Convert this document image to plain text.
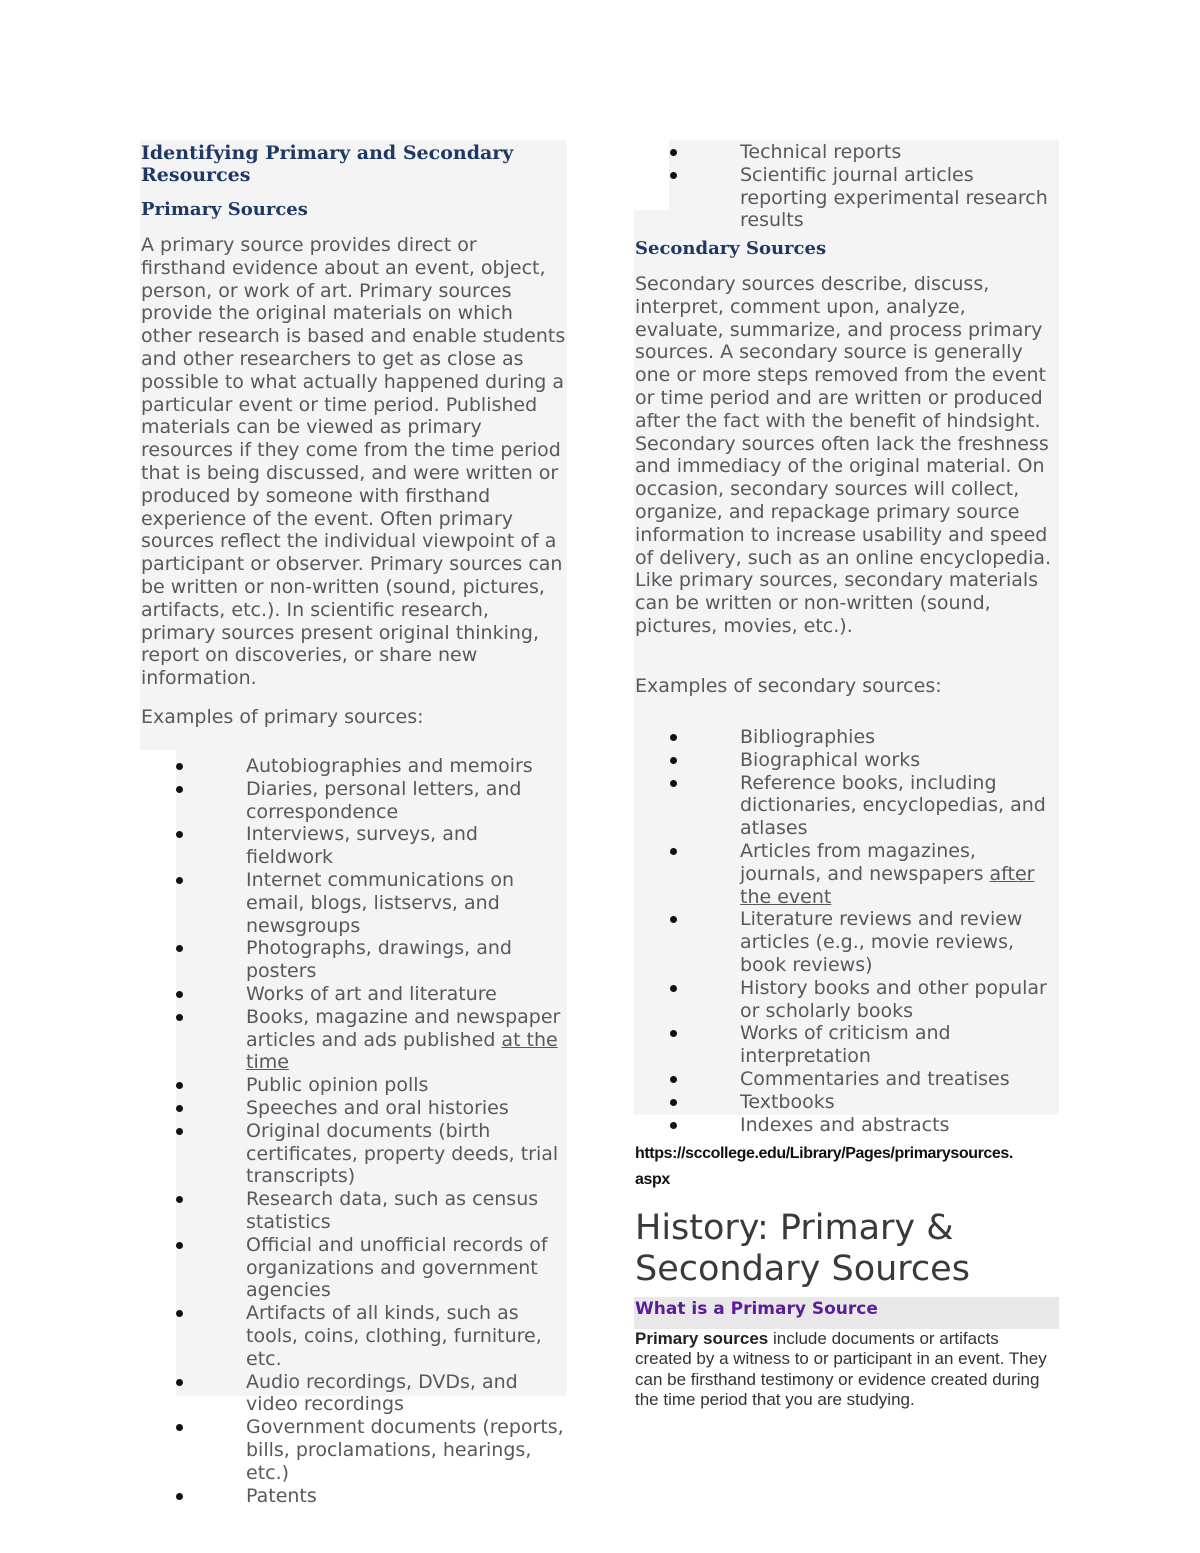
Identifying Primary and Secondary Resources
Primary Sources

A primary source provides direct or firsthand evidence about an event, object, person, or work of art. Primary sources provide the original materials on which other research is based and enable students and other researchers to get as close as possible to what actually happened during a particular event or time period. Published materials can be viewed as primary resources if they come from the time period that is being discussed, and were written or produced by someone with firsthand experience of the event. Often primary sources reflect the individual viewpoint of a participant or observer. Primary sources can be written or non-written (sound, pictures, artifacts, etc.). In scientific research, primary sources present original thinking, report on discoveries, or share new information.

Examples of primary sources:

Autobiographies and memoirs
Diaries, personal letters, and correspondence
Interviews, surveys, and fieldwork
Internet communications on email, blogs, listservs, and newsgroups
Photographs, drawings, and posters
Works of art and literature
Books, magazine and newspaper articles and ads published at the time
Public opinion polls
Speeches and oral histories
Original documents (birth certificates, property deeds, trial transcripts)
Research data, such as census statistics
Official and unofficial records of organizations and government agencies
Artifacts of all kinds, such as tools, coins, clothing, furniture, etc.
Audio recordings, DVDs, and video recordings
Government documents (reports, bills, proclamations, hearings, etc.)
Patents
Technical reports
Scientific journal articles reporting experimental research results
Secondary Sources

Secondary sources describe, discuss, interpret, comment upon, analyze, evaluate, summarize, and process primary sources. A secondary source is generally one or more steps removed from the event or time period and are written or produced after the fact with the benefit of hindsight. Secondary sources often lack the freshness and immediacy of the original material. On occasion, secondary sources will collect, organize, and repackage primary source information to increase usability and speed of delivery, such as an online encyclopedia. Like primary sources, secondary materials can be written or non-written (sound, pictures, movies, etc.).

Examples of secondary sources:

Bibliographies
Biographical works
Reference books, including dictionaries, encyclopedias, and atlases
Articles from magazines, journals, and newspapers after the event
Literature reviews and review articles (e.g., movie reviews, book reviews)
History books and other popular or scholarly books
Works of criticism and interpretation
Commentaries and treatises
Textbooks
Indexes and abstracts

https://sccollege.edu/Library/Pages/primarysources.
aspx

History: Primary &
Secondary Sources
What is a Primary Source

Primary sources include documents or artifacts created by a witness to or participant in an event. They can be firsthand testimony or evidence created during the time period that you are studying.
